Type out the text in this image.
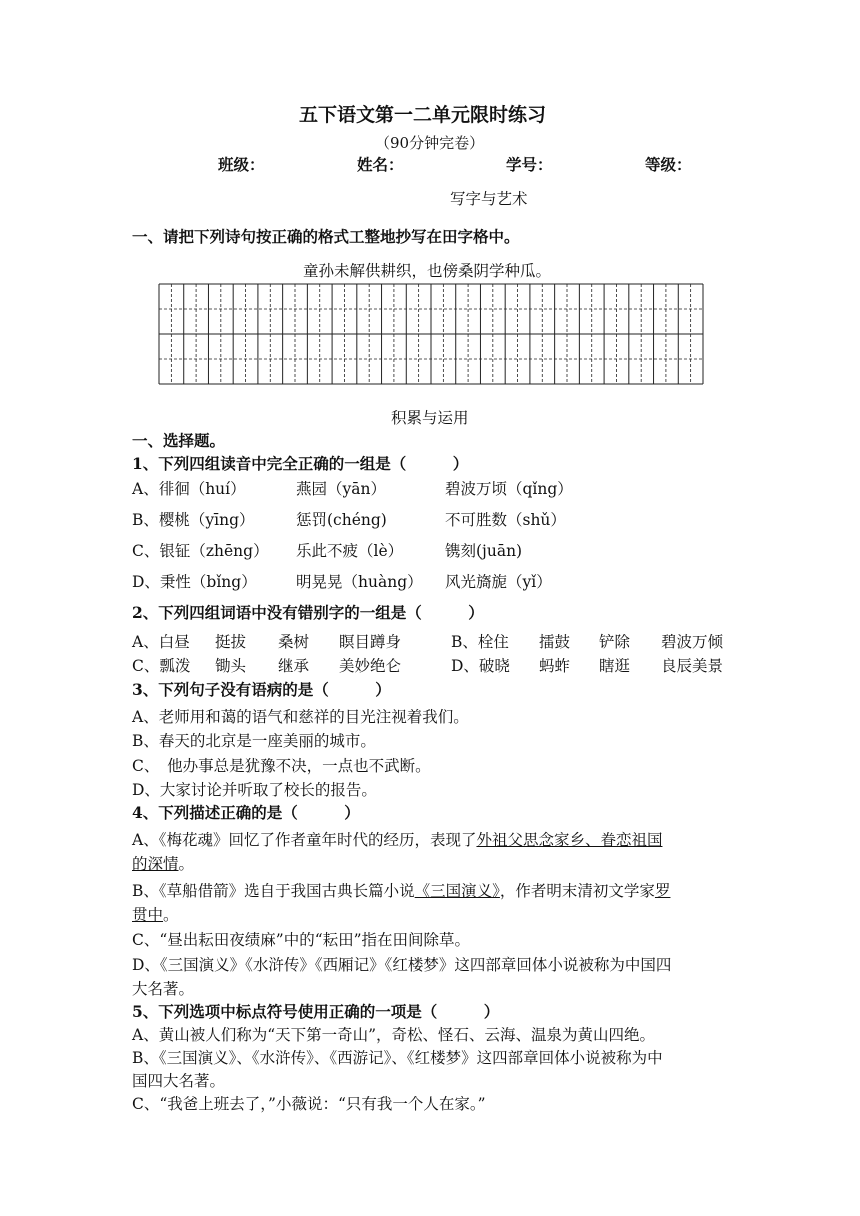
五下语文第一二单元限时练习
（90分钟完卷）
班级：	姓名：	学号：	等级：
写字与艺术
一、请把下列诗句按正确的格式工整地抄写在田字格中。
童孙未解供耕织，也傍桑阴学种瓜。
积累与运用
一、选择题。
1、下列四组读音中完全正确的一组是（　　　）
A、徘徊（huí）	燕园（yān）	碧波万顷（qǐng）
B、樱桃（yīng）	惩罚(chéng)	不可胜数（shǔ）
C、银钲（zhēng） 乐此不疲（lè）	镌刻(juān)
D、秉性（bǐng）	明晃晃（huàng） 风光旖旎（yǐ）
2、下列四组词语中没有错别字的一组是（　　　）
A、白昼 挺拔 桑树 瞑目蹲身	B、栓住 擂鼓 铲除 碧波万倾
C、瓢泼 锄头 继承 美妙绝仑	D、破晓 蚂蚱 瞎逛 良辰美景
3、下列句子没有语病的是（　　　）
A、老师用和蔼的语气和慈祥的目光注视着我们。
B、春天的北京是一座美丽的城市。
C、　他办事总是犹豫不决，一点也不武断。
D、大家讨论并听取了校长的报告。
4、下列描述正确的是（　　　）
A、《梅花魂》回忆了作者童年时代的经历，表现了外祖父思念家乡、眷恋祖国
的深情。
B、《草船借箭》选自于我国古典长篇小说《三国演义》，作者明末清初文学家罗
贯中。
C、“昼出耘田夜绩麻”中的“耘田”指在田间除草。
D、《三国演义》《水浒传》《西厢记》《红楼梦》这四部章回体小说被称为中国四
大名著。
5、下列选项中标点符号使用正确的一项是（　　　）
A、黄山被人们称为“天下第一奇山”，奇松、怪石、云海、温泉为黄山四绝。
B、《三国演义》、《水浒传》、《西游记》、《红楼梦》这四部章回体小说被称为中
国四大名著。
C、“我爸上班去了，”小薇说：“只有我一个人在家。”
